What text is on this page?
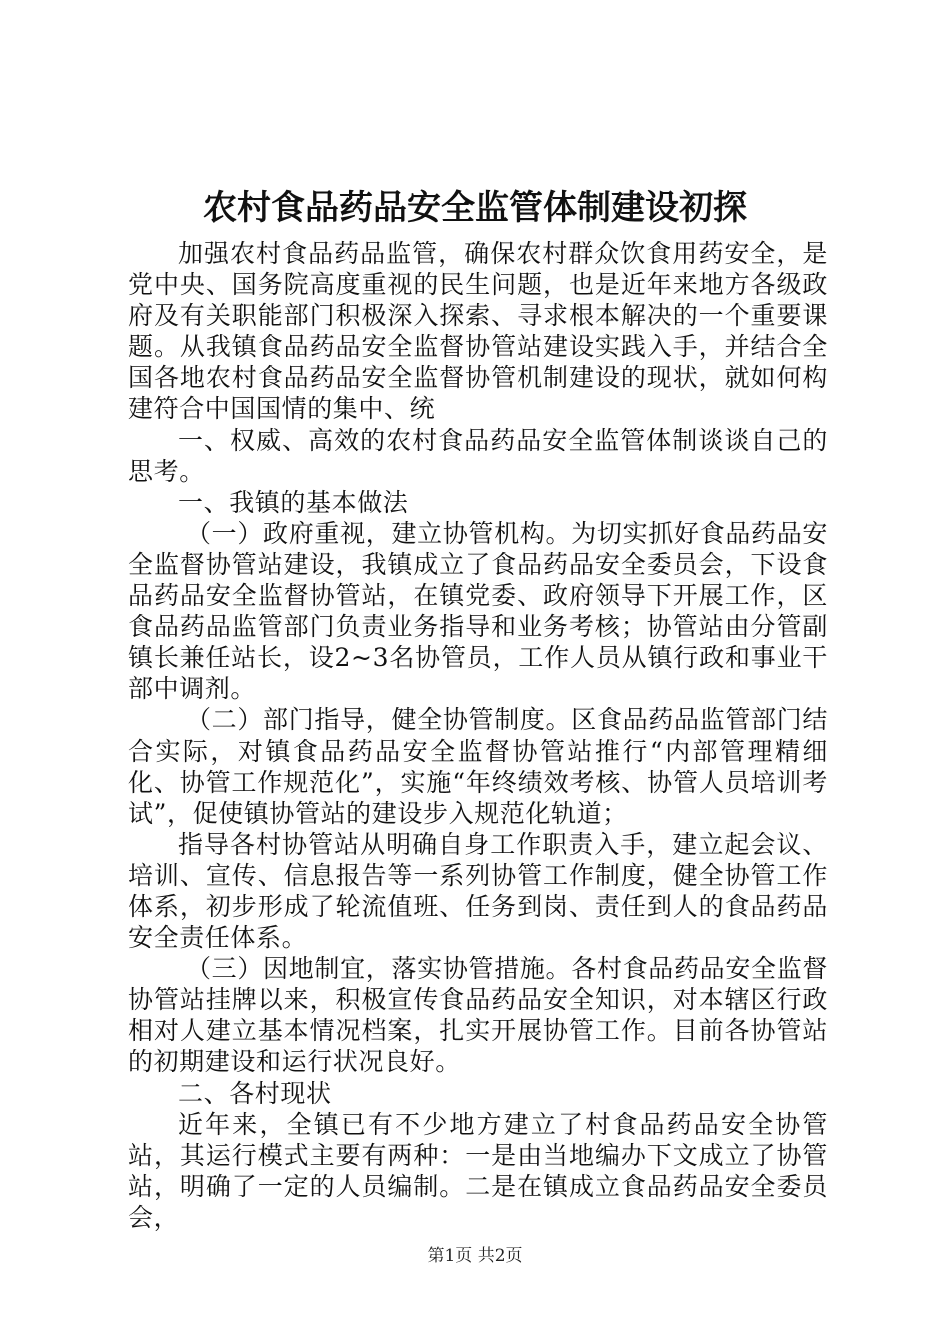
农村食品药品安全监管体制建设初探

加强农村食品药品监管，确保农村群众饮食用药安全，是党中央、国务院高度重视的民生问题，也是近年来地方各级政府及有关职能部门积极深入探索、寻求根本解决的一个重要课题。从我镇食品药品安全监督协管站建设实践入手，并结合全国各地农村食品药品安全监督协管机制建设的现状，就如何构建符合中国国情的集中、统

一、权威、高效的农村食品药品安全监管体制谈谈自己的思考。

一、我镇的基本做法

（一）政府重视，建立协管机构。为切实抓好食品药品安全监督协管站建设，我镇成立了食品药品安全委员会，下设食品药品安全监督协管站，在镇党委、政府领导下开展工作，区食品药品监管部门负责业务指导和业务考核；协管站由分管副镇长兼任站长，设2~3名协管员，工作人员从镇行政和事业干部中调剂。

（二）部门指导，健全协管制度。区食品药品监管部门结合实际，对镇食品药品安全监督协管站推行“内部管理精细化、协管工作规范化”，实施“年终绩效考核、协管人员培训考试”，促使镇协管站的建设步入规范化轨道；

指导各村协管站从明确自身工作职责入手，建立起会议、培训、宣传、信息报告等一系列协管工作制度，健全协管工作体系，初步形成了轮流值班、任务到岗、责任到人的食品药品安全责任体系。

（三）因地制宜，落实协管措施。各村食品药品安全监督协管站挂牌以来，积极宣传食品药品安全知识，对本辖区行政相对人建立基本情况档案，扎实开展协管工作。目前各协管站的初期建设和运行状况良好。

二、各村现状

近年来，全镇已有不少地方建立了村食品药品安全协管站，其运行模式主要有两种：一是由当地编办下文成立了协管站，明确了一定的人员编制。二是在镇成立食品药品安全委员会，

第1页 共2页
